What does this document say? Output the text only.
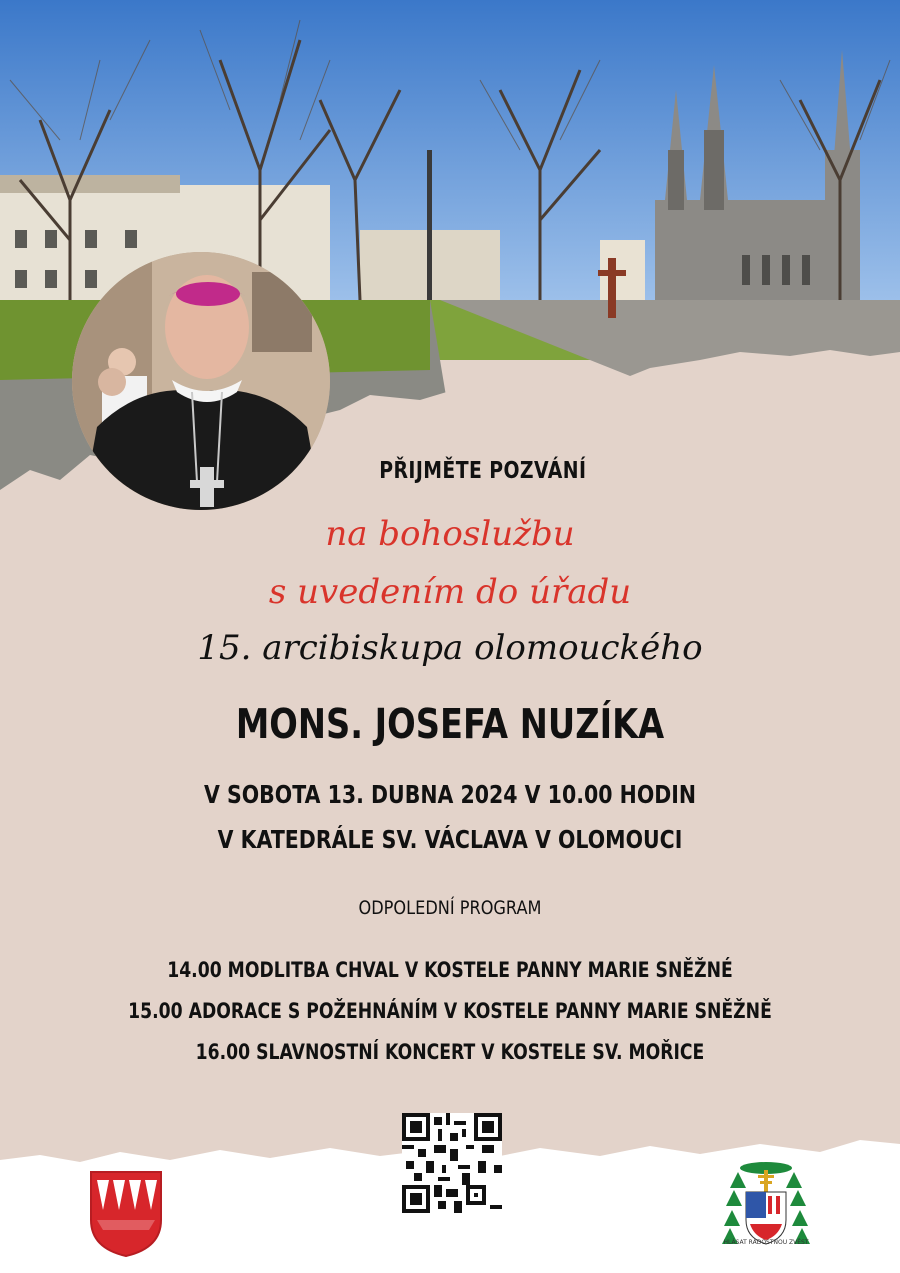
PŘIJMĚTE POZVÁNÍ
na bohoslužbu
s uvedením do úřadu
15. arcibiskupa olomouckého
MONS. JOSEFA NUZÍKA
V SOBOTA 13. DUBNA 2024 V 10.00 HODIN
V KATEDRÁLE SV. VÁCLAVA V OLOMOUCI
ODPOLEDNÍ PROGRAM
14.00 MODLITBA CHVAL V KOSTELE PANNY MARIE SNĚŽNÉ
15.00 ADORACE S POŽEHNÁNÍM V KOSTELE PANNY MARIE SNĚŽNĚ
16.00 SLAVNOSTNÍ KONCERT V KOSTELE SV. MOŘICE
HLÁSAT RADOSTNOU ZVĚST
